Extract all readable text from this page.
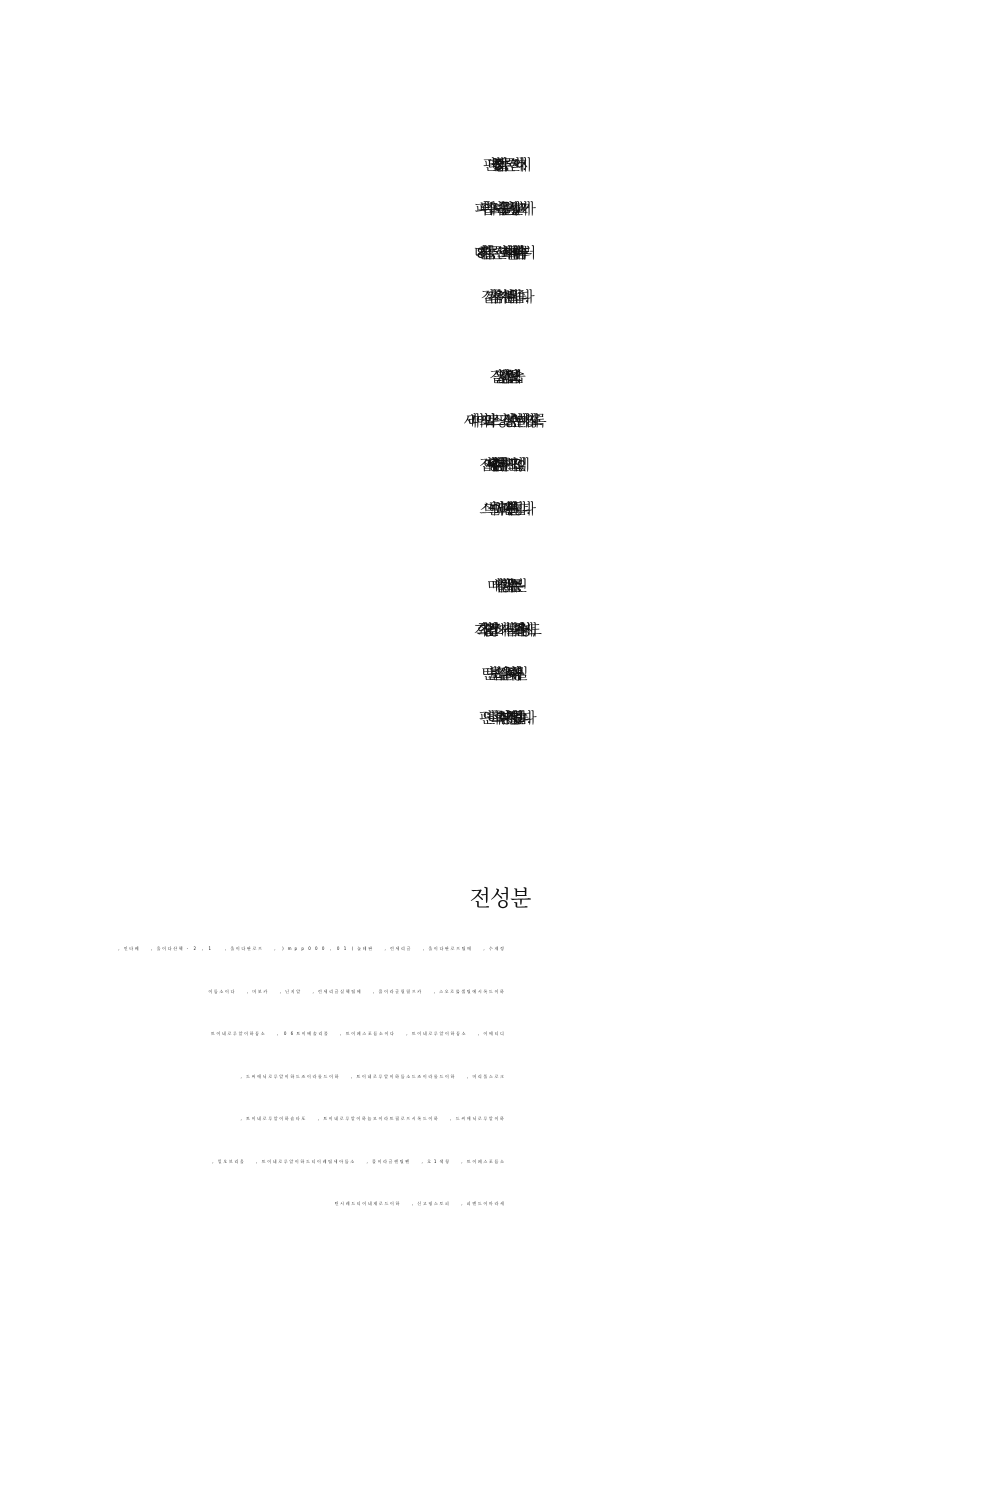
판테놀과 8중 히알루론산의 시너지:
피부에 흡수되어 보습을 돕는 판테놀 성분과 크기가
다른 8가지 히알루론산이 조화를 이루어, 메마른 피부 속부터
겉까지 촘촘하게 수분을 채워줍니다.
겉돌지 않는 촘촘한 밀착 보습:
세라마이드와 피토스핑고신 성분이 수분이 날아가지 않도록
잡아주어, 세안 후 당김이 심한 피부에도 끈적임 없이
스며들어 매끄러운 피부 결을 완성합니다.
메마른 일상을 채우는 수분 루틴:
기초 화장이 금방 건조해지거나 들뜨기 쉬운 환경 속에서도,
탄탄한 보습감을 유지해 주어 하루 종일
편안하고 촉촉한 피부 상태를 경험할 수 있습니다.
전성분
